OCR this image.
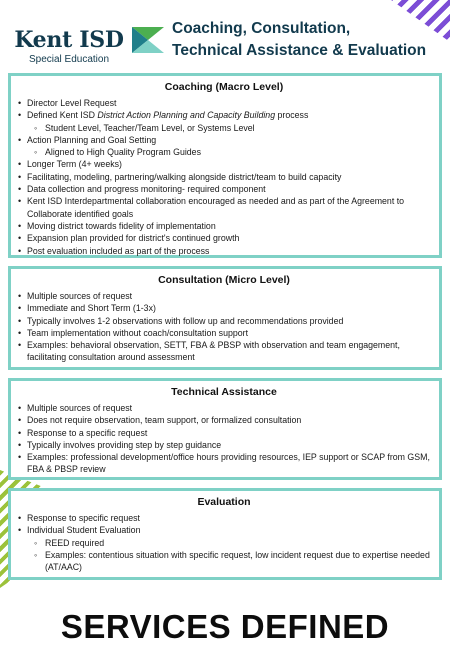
Kent ISD
Special Education
Coaching, Consultation,
Technical Assistance & Evaluation
Coaching (Macro Level)
• Director Level Request
• Defined Kent ISD District Action Planning and Capacity Building process
◦ Student Level, Teacher/Team Level, or Systems Level
• Action Planning and Goal Setting
◦ Aligned to High Quality Program Guides
• Longer Term (4+ weeks)
• Facilitating, modeling, partnering/walking alongside district/team to build capacity
• Data collection and progress monitoring- required component
• Kent ISD Interdepartmental collaboration encouraged as needed and as part of the Agreement to Collaborate identified goals
• Moving district towards fidelity of implementation
• Expansion plan provided for district's continued growth
• Post evaluation included as part of the process
Consultation (Micro Level)
• Multiple sources of request
• Immediate and Short Term (1-3x)
• Typically involves 1-2 observations with follow up and recommendations provided
• Team implementation without coach/consultation support
• Examples: behavioral observation, SETT, FBA & PBSP with observation and team engagement, facilitating consultation around assessment
Technical Assistance
• Multiple sources of request
• Does not require observation, team support, or formalized consultation
• Response to a specific request
• Typically involves providing step by step guidance
• Examples: professional development/office hours providing resources, IEP support or SCAP from GSM, FBA & PBSP review
Evaluation
• Response to specific request
• Individual Student Evaluation
◦ REED required
◦ Examples: contentious situation with specific request, low incident request due to expertise needed (AT/AAC)
SERVICES DEFINED
